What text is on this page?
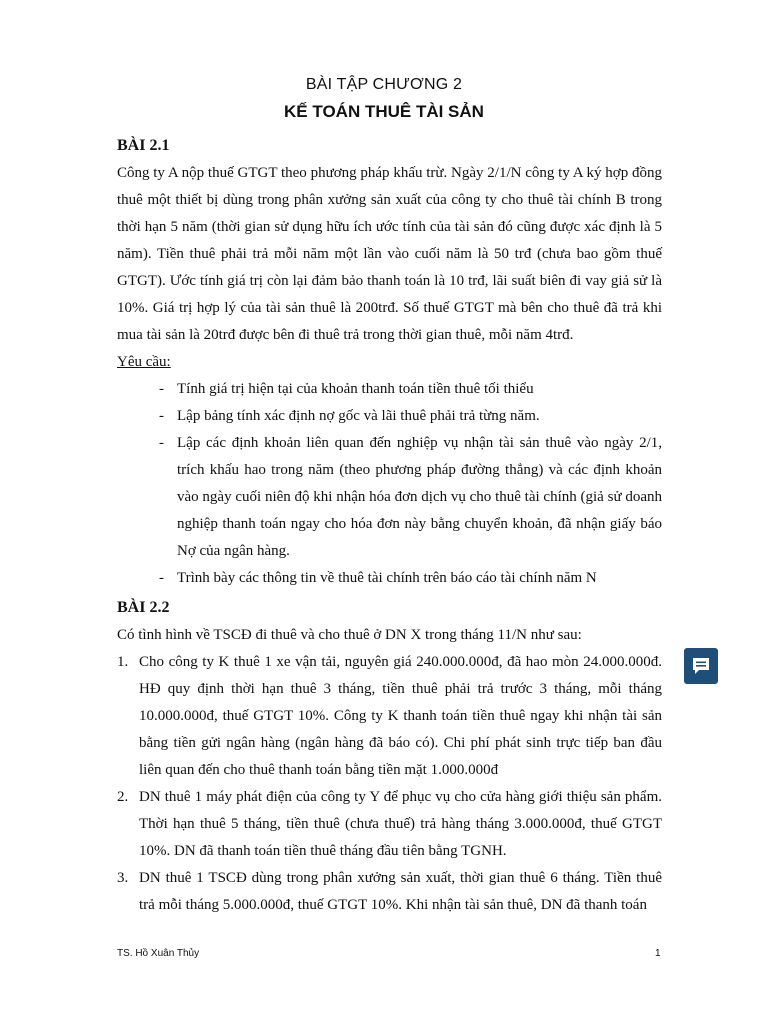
BÀI TẬP CHƯƠNG 2
KẾ TOÁN THUÊ TÀI SẢN
BÀI 2.1

Công ty A nộp thuế GTGT theo phương pháp khấu trừ. Ngày 2/1/N công ty A ký hợp đồng thuê một thiết bị dùng trong phân xưởng sản xuất của công ty cho thuê tài chính B trong thời hạn 5 năm (thời gian sử dụng hữu ích ước tính của tài sản đó cũng được xác định là 5 năm). Tiền thuê phải trả mỗi năm một lần vào cuối năm là 50 trđ (chưa bao gồm thuế GTGT). Ước tính giá trị còn lại đảm bảo thanh toán là 10 trđ, lãi suất biên đi vay giả sử là 10%. Giá trị hợp lý của tài sản thuê là 200trđ. Số thuế GTGT mà bên cho thuê đã trả khi mua tài sản là 20trđ được bên đi thuê trả trong thời gian thuê, mỗi năm 4trđ.

Yêu cầu:

- Tính giá trị hiện tại của khoản thanh toán tiền thuê tối thiểu
- Lập bảng tính xác định nợ gốc và lãi thuê phải trả từng năm.
- Lập các định khoản liên quan đến nghiệp vụ nhận tài sản thuê vào ngày 2/1, trích khấu hao trong năm (theo phương pháp đường thẳng) và các định khoản vào ngày cuối niên độ khi nhận hóa đơn dịch vụ cho thuê tài chính (giả sử doanh nghiệp thanh toán ngay cho hóa đơn này bằng chuyển khoản, đã nhận giấy báo Nợ của ngân hàng.
- Trình bày các thông tin về thuê tài chính trên báo cáo tài chính năm N
BÀI 2.2

Có tình hình về TSCĐ đi thuê và cho thuê ở DN X trong tháng 11/N như sau:

1. Cho công ty K thuê 1 xe vận tải, nguyên giá 240.000.000đ, đã hao mòn 24.000.000đ. HĐ quy định thời hạn thuê 3 tháng, tiền thuê phải trả trước 3 tháng, mỗi tháng 10.000.000đ, thuế GTGT 10%. Công ty K thanh toán tiền thuê ngay khi nhận tài sản bằng tiền gửi ngân hàng (ngân hàng đã báo có). Chi phí phát sinh trực tiếp ban đầu liên quan đến cho thuê thanh toán bằng tiền mặt 1.000.000đ
2. DN thuê 1 máy phát điện của công ty Y để phục vụ cho cửa hàng giới thiệu sản phẩm. Thời hạn thuê 5 tháng, tiền thuê (chưa thuế) trả hàng tháng 3.000.000đ, thuế GTGT 10%. DN đã thanh toán tiền thuê tháng đầu tiên bằng TGNH.
3. DN thuê 1 TSCĐ dùng trong phân xưởng sản xuất, thời gian thuê 6 tháng. Tiền thuê trả mỗi tháng 5.000.000đ, thuế GTGT 10%. Khi nhận tài sản thuê, DN đã thanh toán
TS. Hồ Xuân Thủy	1
